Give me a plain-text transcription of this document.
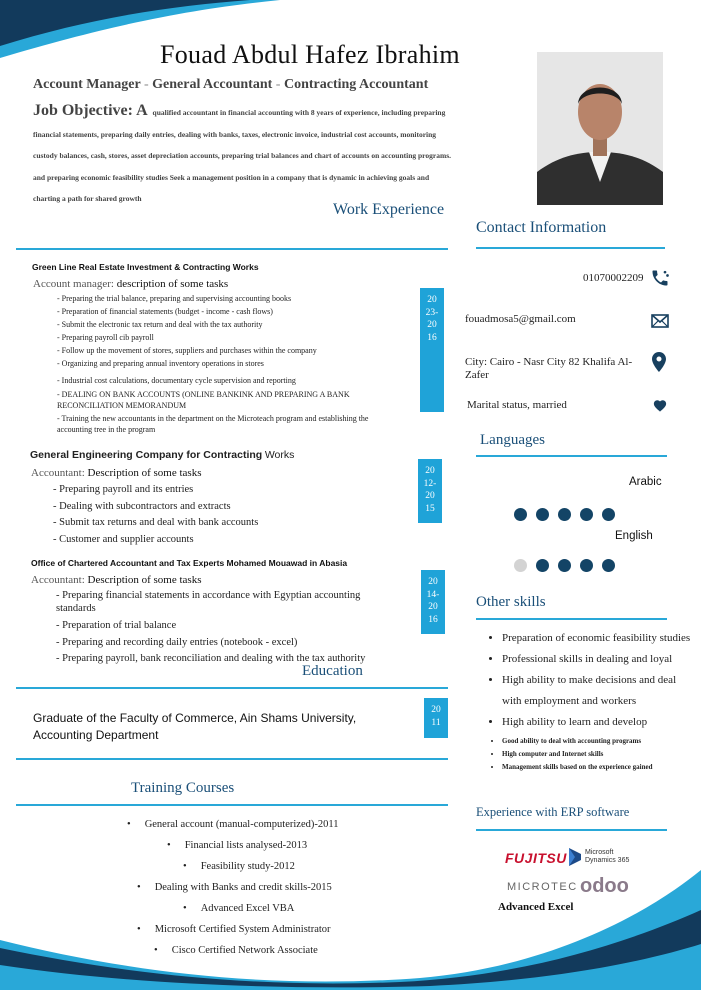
Fouad Abdul Hafez Ibrahim
Account Manager - General Accountant - Contracting Accountant
Job Objective: A qualified accountant in financial accounting with 8 years of experience, including preparing financial statements, preparing daily entries, dealing with banks, taxes, electronic invoice, industrial cost accounts, monitoring custody balances, cash, stores, asset depreciation accounts, preparing trial balances and chart of accounts on accounting programs. and preparing economic feasibility studies Seek a management position in a company that is dynamic in achieving goals and charting a path for shared growth
Work Experience
Contact Information
Green Line Real Estate Investment & Contracting Works
Account manager: description of some tasks
- Preparing the trial balance, preparing and supervising accounting books
- Preparation of financial statements (budget - income - cash flows)
- Submit the electronic tax return and deal with the tax authority
- Preparing payroll cib payroll
- Follow up the movement of stores, suppliers and purchases within the company
- Organizing and preparing annual inventory operations in stores
- Industrial cost calculations, documentary cycle supervision and reporting
- DEALING ON BANK ACCOUNTS (ONLINE BANKINK AND PREPARING A BANK RECONCILIATION MEMORANDUM
- Training the new accountants in the department on the Microteach program and establishing the accounting tree in the program
20
23-
20
16
General Engineering Company for Contracting Works
Accountant: Description of some tasks
- Preparing payroll and its entries
- Dealing with subcontractors and extracts
- Submit tax returns and deal with bank accounts
- Customer and supplier accounts
20
12-
20
15
Office of Chartered Accountant and Tax Experts Mohamed Mouawad in Abasia
Accountant: Description of some tasks
- Preparing financial statements in accordance with Egyptian accounting standards
- Preparation of trial balance
- Preparing and recording daily entries (notebook - excel)
- Preparing payroll, bank reconciliation and dealing with the tax authority
20
14-
20
16
Education
Graduate of the Faculty of Commerce, Ain Shams University, Accounting Department
20
11
Training Courses
• General account (manual-computerized)-2011
• Financial lists analysed-2013
• Feasibility study-2012
• Dealing with Banks and credit skills-2015
• Advanced Excel VBA
• Microsoft Certified System Administrator
• Cisco Certified Network Associate
01070002209
fouadmosa5@gmail.com
City: Cairo - Nasr City 82 Khalifa Al-Zafer
Marital status, married
Languages
Arabic
English
Other skills
• Preparation of economic feasibility studies
• Professional skills in dealing and loyal
• High ability to make decisions and deal with employment and workers
• High ability to learn and develop
• Good ability to deal with accounting programs
• High computer and Internet skills
• Management skills based on the experience gained
Experience with ERP software
FUJITSU	Microsoft
Dynamics 365
MICROTEC odoo
Advanced Excel
